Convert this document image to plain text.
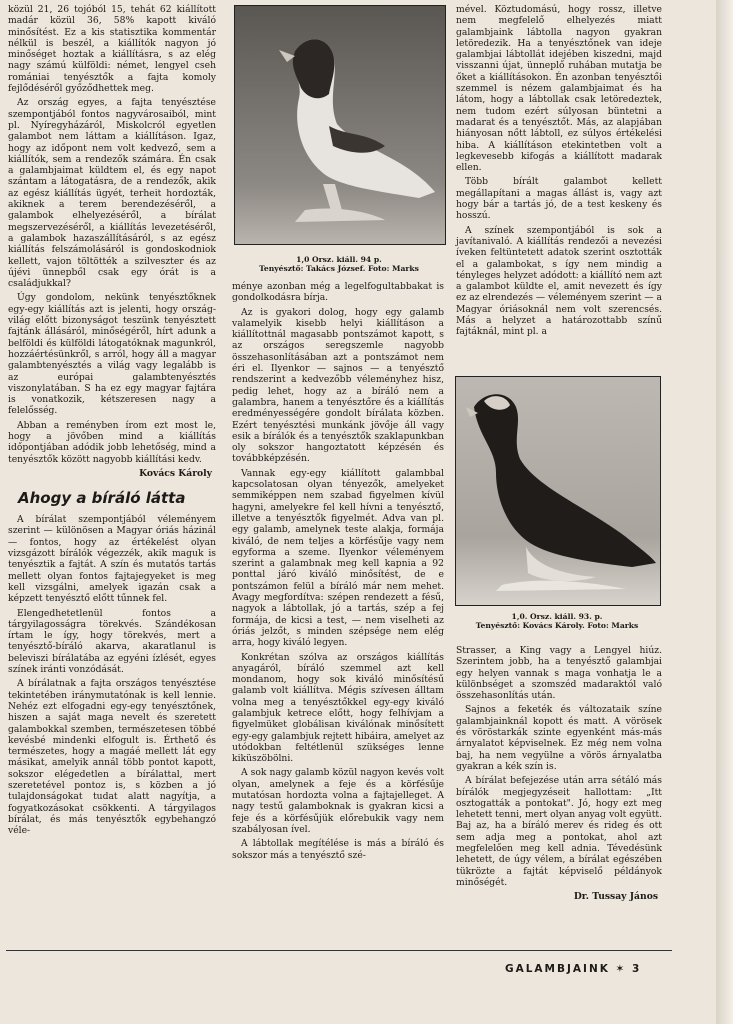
közül 21, 26 tojóból 15, tehát 62 kiállított madár közül 36, 58% kapott kiváló minősítést. Ez a kis statisztika kommentár nélkül is beszél, a kiállítók nagyon jó minőséget hoztak a kiállításra, s az elég nagy számú külföldi: német, lengyel cseh romániai tenyésztők a fajta komoly fejlődéséről győződhettek meg.

Az ország egyes, a fajta tenyésztése szempontjából fontos nagyvárosaiból, mint pl. Nyíregyházáról, Miskolcról egyetlen galambot nem láttam a kiállításon. Igaz, hogy az időpont nem volt kedvező, sem a kiállítók, sem a rendezők számára. Én csak a galambjaimat küldtem el, és egy napot szántam a látogatásra, de a rendezők, akik az egész kiállítás ügyét, terheit hordozták, akiknek a terem berendezéséről, a galambok elhelyezéséről, a bírálat megszervezéséről, a kiállítás levezetéséről, a galambok hazaszállításáról, s az egész kiállítás felszámolásáról is gondoskodniok kellett, vajon töltötték a szilveszter és az újévi ünnepből csak egy órát is a családjukkal?

Úgy gondolom, nekünk tenyésztőknek egy-egy kiállítás azt is jelenti, hogy ország-világ előtt bizonyságot teszünk tenyésztett fajtánk állásáról, minőségéről, hírt adunk a belföldi és külföldi látogatóknak magunkról, hozzáértésünkről, s arról, hogy áll a magyar galambtenyésztés a világ vagy legalább is az európai galambtenyésztés viszonylatában. S ha ez egy magyar fajtára is vonatkozik, kétszeresen nagy a felelősség.

Abban a reményben írom ezt most le, hogy a jövőben mind a kiállítás időpontjában adódik jobb lehetőség, mind a tenyésztők között nagyobb kiállítási kedv.

Kovács Károly
Ahogy a bíráló látta

A bírálat szempontjából véleményem szerint — különösen a Magyar óriás házinál — fontos, hogy az értékelést olyan vizsgázott bírálók végezzék, akik maguk is tenyésztik a fajtát. A szín és mutatós tartás mellett olyan fontos fajtajegyeket is meg kell vizsgálni, amelyek igazán csak a képzett tenyésztő előtt tűnnek fel.

Elengedhetetlenül fontos a tárgyilagosságra törekvés. Szándékosan írtam le így, hogy törekvés, mert a tenyésztő-bíráló akarva, akaratlanul is beleviszi bírálatába az egyéni ízlését, egyes színek iránti vonzódását.

A bírálatnak a fajta országos tenyésztése tekintetében iránymutatónak is kell lennie. Nehéz ezt elfogadni egy-egy tenyésztőnek, hiszen a saját maga nevelt és szeretett galambokkal szemben, természetesen többé kevésbé mindenki elfogult is. Érthető és természetes, hogy a magáé mellett lát egy másikat, amelyik annál több pontot kapott, sokszor elégedetlen a bírálattal, mert szeretetével pontoz is, s közben a jó tulajdonságokat tudat alatt nagyítja, a fogyatkozásokat csökkenti. A tárgyilagos bírálat, és más tenyésztők egybehangzó véle-

1,0 Orsz. kiáll. 94 p.
Tenyésztő: Takács József. Foto: Marks

ménye azonban még a legelfogultabbakat is gondolkodásra bírja.

Az is gyakori dolog, hogy egy galamb valamelyik kisebb helyi kiállításon a kiállítottnál magasabb pontszámot kapott, s az országos seregszemle nagyobb összehasonlításában azt a pontszámot nem éri el. Ilyenkor — sajnos — a tenyésztő rendszerint a kedvezőbb véleményhez hisz, pedig lehet, hogy az a bíráló nem a galambra, hanem a tenyésztőre és a kiállítás eredményességére gondolt bírálata közben. Ezért tenyésztési munkánk jövője áll vagy esik a bírálók és a tenyésztők szaklapunkban oly sokszor hangoztatott képzésén és továbbképzésén.

Vannak egy-egy kiállított galambbal kapcsolatosan olyan tényezők, amelyeket semmiképpen nem szabad figyelmen kívül hagyni, amelyekre fel kell hívni a tenyésztő, illetve a tenyésztők figyelmét. Adva van pl. egy galamb, amelynek teste alakja, formája kiváló, de nem teljes a körfésűje vagy nem egyforma a szeme. Ilyenkor véleményem szerint a galambnak meg kell kapnia a 92 ponttal járó kiváló minősítést, de e pontszámon felül a bíráló már nem mehet. Avagy megfordítva: szépen rendezett a fésű, nagyok a lábtollak, jó a tartás, szép a fej formája, de kicsi a test, — nem viselheti az óriás jelzőt, s minden szépsége nem elég arra, hogy kiváló legyen.

Konkrétan szólva az országos kiállítás anyagáról, bíráló szemmel azt kell mondanom, hogy sok kiváló minősítésű galamb volt kiállítva. Mégis szívesen álltam volna meg a tenyésztőkkel egy-egy kiváló galambjuk ketrece előtt, hogy felhívjam a figyelmüket globálisan kiválónak minősített egy-egy galambjuk rejtett hibáira, amelyet az utódokban feltétlenül szükséges lenne kiküszöbölni.

A sok nagy galamb közül nagyon kevés volt olyan, amelynek a feje és a körfésűje mutatósan hordozta volna a fajtajelleget. A nagy testű galamboknak is gyakran kicsi a feje és a körfésűjük előrebukik vagy nem szabályosan ível.

A lábtollak megítélése is más a bíráló és sokszor más a tenyésztő szé-

mével. Köztudomású, hogy rossz, illetve nem megfelelő elhelyezés miatt galambjaink lábtolla nagyon gyakran letöredezik. Ha a tenyésztőnek van ideje galambjai lábtollát idejében kiszedni, majd visszanni újat, ünneplő ruhában mutatja be őket a kiállításokon. Én azonban tenyésztői szemmel is nézem galambjaimat és ha látom, hogy a lábtollak csak letöredeztek, nem tudom ezért súlyosan büntetni a madarat és a tenyésztőt. Más, az alapjában hiányosan nőtt lábtoll, ez súlyos értékelési hiba. A kiállításon etekintetben volt a legkevesebb kifogás a kiállított madarak ellen.

Több bírált galambot kellett megállapítani a magas állást is, vagy azt hogy bár a tartás jó, de a test keskeny és hosszú.

A színek szempontjából is sok a javítanivaló. A kiállítás rendezői a nevezési íveken feltüntetett adatok szerint osztották el a galambokat, s így nem mindig a tényleges helyzet adódott: a kiállító nem azt a galambot küldte el, amit nevezett és így ez az elrendezés — véleményem szerint — a Magyar óriásoknál nem volt szerencsés. Más a helyzet a határozottabb színű fajtáknál, mint pl. a

1,0. Orsz. kiáll. 93. p.
Tenyésztő: Kovács Károly. Foto: Marks

Strasser, a King vagy a Lengyel hiúz. Szerintem jobb, ha a tenyésztő galambjai egy helyen vannak s maga vonhatja le a különbséget a szomszéd madaraktól való összehasonlítás után.

Sajnos a feketék és változataik színe galambjainknál kopott és matt. A vörösek és vöröstarkák szinte egyenként más-más árnyalatot képviselnek. Ez még nem volna baj, ha nem vegyülne a vörös árnyalatba gyakran a kék szín is.

A bírálat befejezése után arra sétáló más bírálók megjegyzéseit hallottam: „Itt osztogatták a pontokat". Jó, hogy ezt meg lehetett tenni, mert olyan anyag volt együtt. Baj az, ha a bíráló merev és rideg és ott sem adja meg a pontokat, ahol azt megfelelően meg kell adnia. Tévedésünk lehetett, de úgy vélem, a bírálat egészében tükrözte a fajtát képviselő példányok minőségét.

Dr. Tussay János
GALAMBJAINK ✶ 3
